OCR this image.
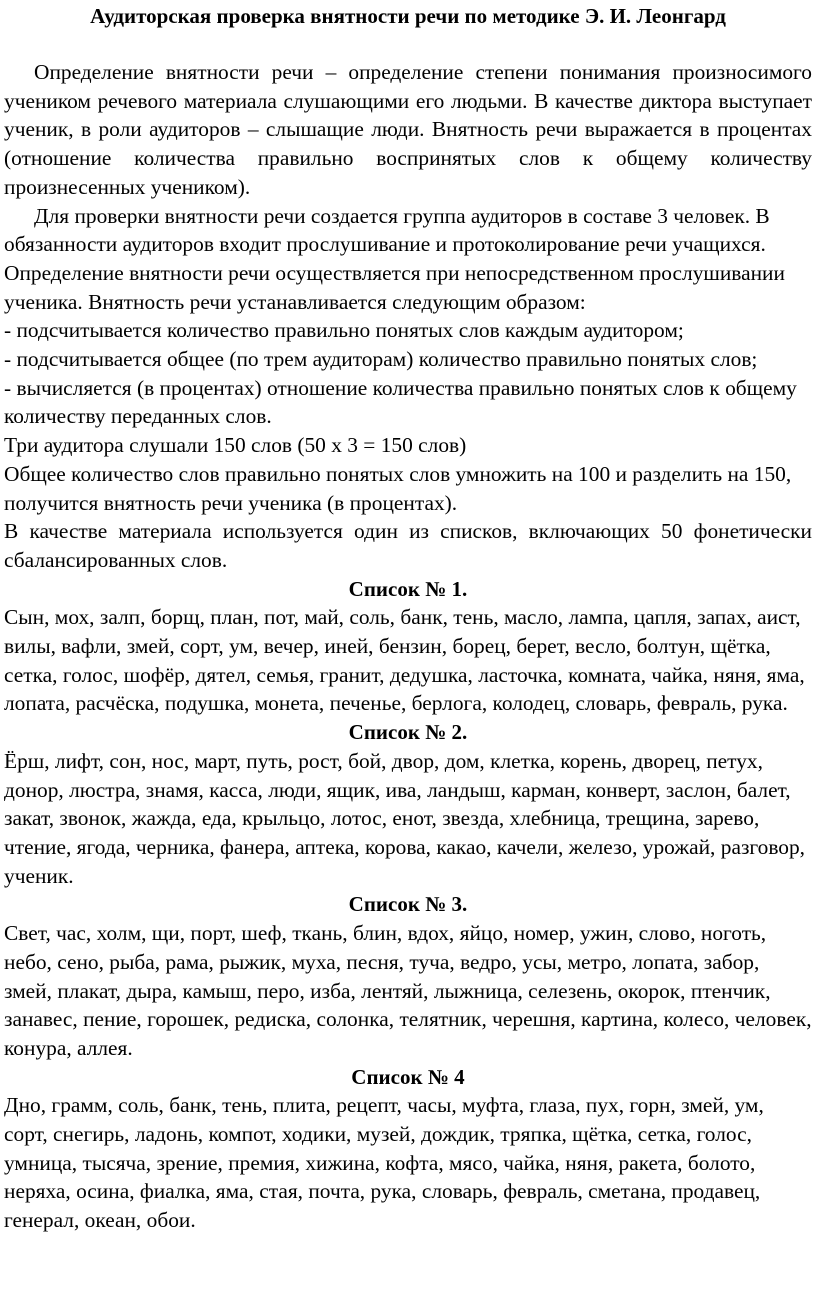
Аудиторская проверка внятности речи по методике Э. И. Леонгард

Определение внятности речи – определение степени понимания произносимого учеником речевого материала слушающими его людьми. В качестве диктора выступает ученик, в роли аудиторов – слышащие люди. Внятность речи выражается в процентах (отношение количества правильно воспринятых слов к общему количеству произнесенных учеником).

Для проверки внятности речи создается группа аудиторов в составе 3 человек. В обязанности аудиторов входит прослушивание и протоколирование речи учащихся. Определение внятности речи осуществляется при непосредственном прослушивании ученика. Внятность речи устанавливается следующим образом:

- подсчитывается количество правильно понятых слов каждым аудитором;

- подсчитывается общее (по трем аудиторам) количество правильно понятых слов;

- вычисляется (в процентах) отношение количества правильно понятых слов к общему количеству переданных слов.

Три аудитора слушали 150 слов (50 х 3 = 150 слов)

Общее количество слов правильно понятых слов умножить на 100 и разделить на 150, получится внятность речи ученика (в процентах).

В качестве материала используется один из списков, включающих 50 фонетически сбалансированных слов.

Список № 1.

Сын, мох, залп, борщ, план, пот, май, соль, банк, тень, масло, лампа, цапля, запах, аист, вилы, вафли, змей, сорт, ум, вечер, иней, бензин, борец, берет, весло, болтун, щётка, сетка, голос, шофёр, дятел, семья, гранит, дедушка, ласточка, комната, чайка, няня, яма, лопата, расчёска, подушка, монета, печенье, берлога, колодец, словарь, февраль, рука.

Список № 2.

Ёрш, лифт, сон, нос, март, путь, рост, бой, двор, дом, клетка, корень, дворец, петух, донор, люстра, знамя, касса, люди, ящик, ива, ландыш, карман, конверт, заслон, балет, закат, звонок, жажда, еда, крыльцо, лотос, енот, звезда, хлебница, трещина, зарево, чтение, ягода, черника, фанера, аптека, корова, какао, качели, железо, урожай, разговор, ученик.

Список № 3.

Свет, час, холм, щи, порт, шеф, ткань, блин, вдох, яйцо, номер, ужин, слово, ноготь, небо, сено, рыба, рама, рыжик, муха, песня, туча, ведро, усы, метро, лопата, забор, змей, плакат, дыра, камыш, перо, изба, лентяй, лыжница, селезень, окорок, птенчик, занавес, пение, горошек, редиска, солонка, телятник, черешня, картина, колесо, человек, конура, аллея.

Список № 4

Дно, грамм, соль, банк, тень, плита, рецепт, часы, муфта, глаза, пух, горн, змей, ум, сорт, снегирь, ладонь, компот, ходики, музей, дождик, тряпка, щётка, сетка, голос, умница, тысяча, зрение, премия, хижина, кофта, мясо, чайка, няня, ракета, болото, неряха, осина, фиалка, яма, стая, почта, рука, словарь, февраль, сметана, продавец, генерал, океан, обои.
